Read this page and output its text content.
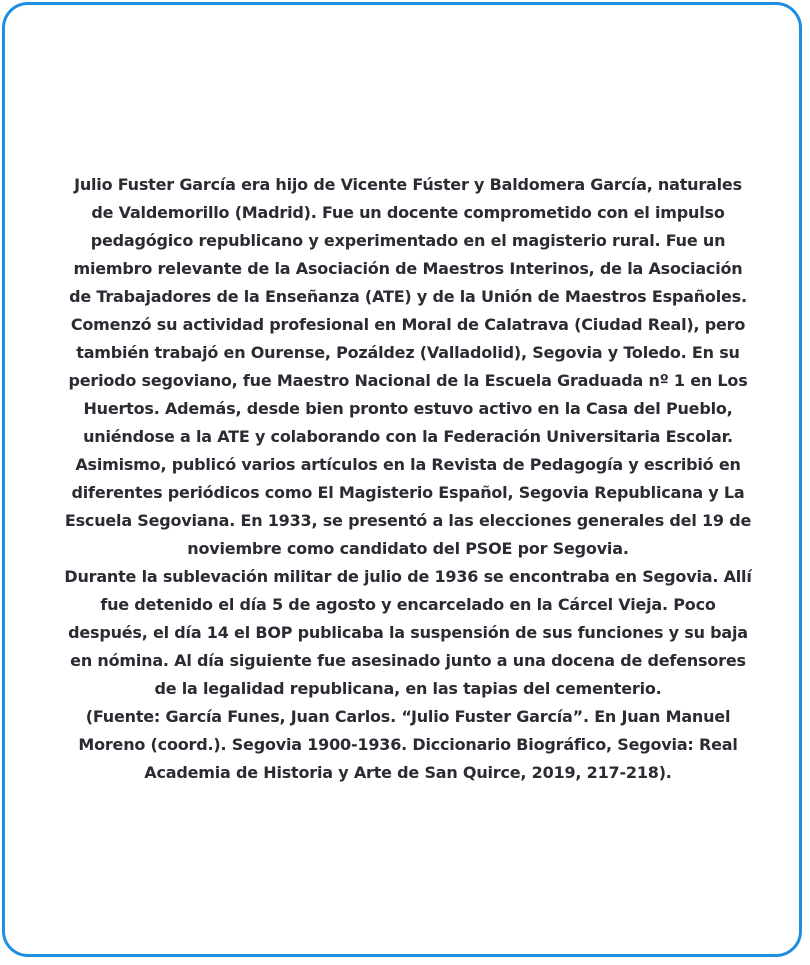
Julio Fuster García era hijo de Vicente Fúster y Baldomera García, naturales de Valdemorillo (Madrid). Fue un docente comprometido con el impulso pedagógico republicano y experimentado en el magisterio rural. Fue un miembro relevante de la Asociación de Maestros Interinos, de la Asociación de Trabajadores de la Enseñanza (ATE) y de la Unión de Maestros Españoles. Comenzó su actividad profesional en Moral de Calatrava (Ciudad Real), pero también trabajó en Ourense, Pozáldez (Valladolid), Segovia y Toledo. En su periodo segoviano, fue Maestro Nacional de la Escuela Graduada nº 1 en Los Huertos. Además, desde bien pronto estuvo activo en la Casa del Pueblo, uniéndose a la ATE y colaborando con la Federación Universitaria Escolar. Asimismo, publicó varios artículos en la Revista de Pedagogía y escribió en diferentes periódicos como El Magisterio Español, Segovia Republicana y La Escuela Segoviana. En 1933, se presentó a las elecciones generales del 19 de noviembre como candidato del PSOE por Segovia.

Durante la sublevación militar de julio de 1936 se encontraba en Segovia. Allí fue detenido el día 5 de agosto y encarcelado en la Cárcel Vieja. Poco después, el día 14 el BOP publicaba la suspensión de sus funciones y su baja en nómina. Al día siguiente fue asesinado junto a una docena de defensores de la legalidad republicana, en las tapias del cementerio.

(Fuente: García Funes, Juan Carlos. “Julio Fuster García”. En Juan Manuel Moreno (coord.). Segovia 1900-1936. Diccionario Biográfico, Segovia: Real Academia de Historia y Arte de San Quirce, 2019, 217-218).
